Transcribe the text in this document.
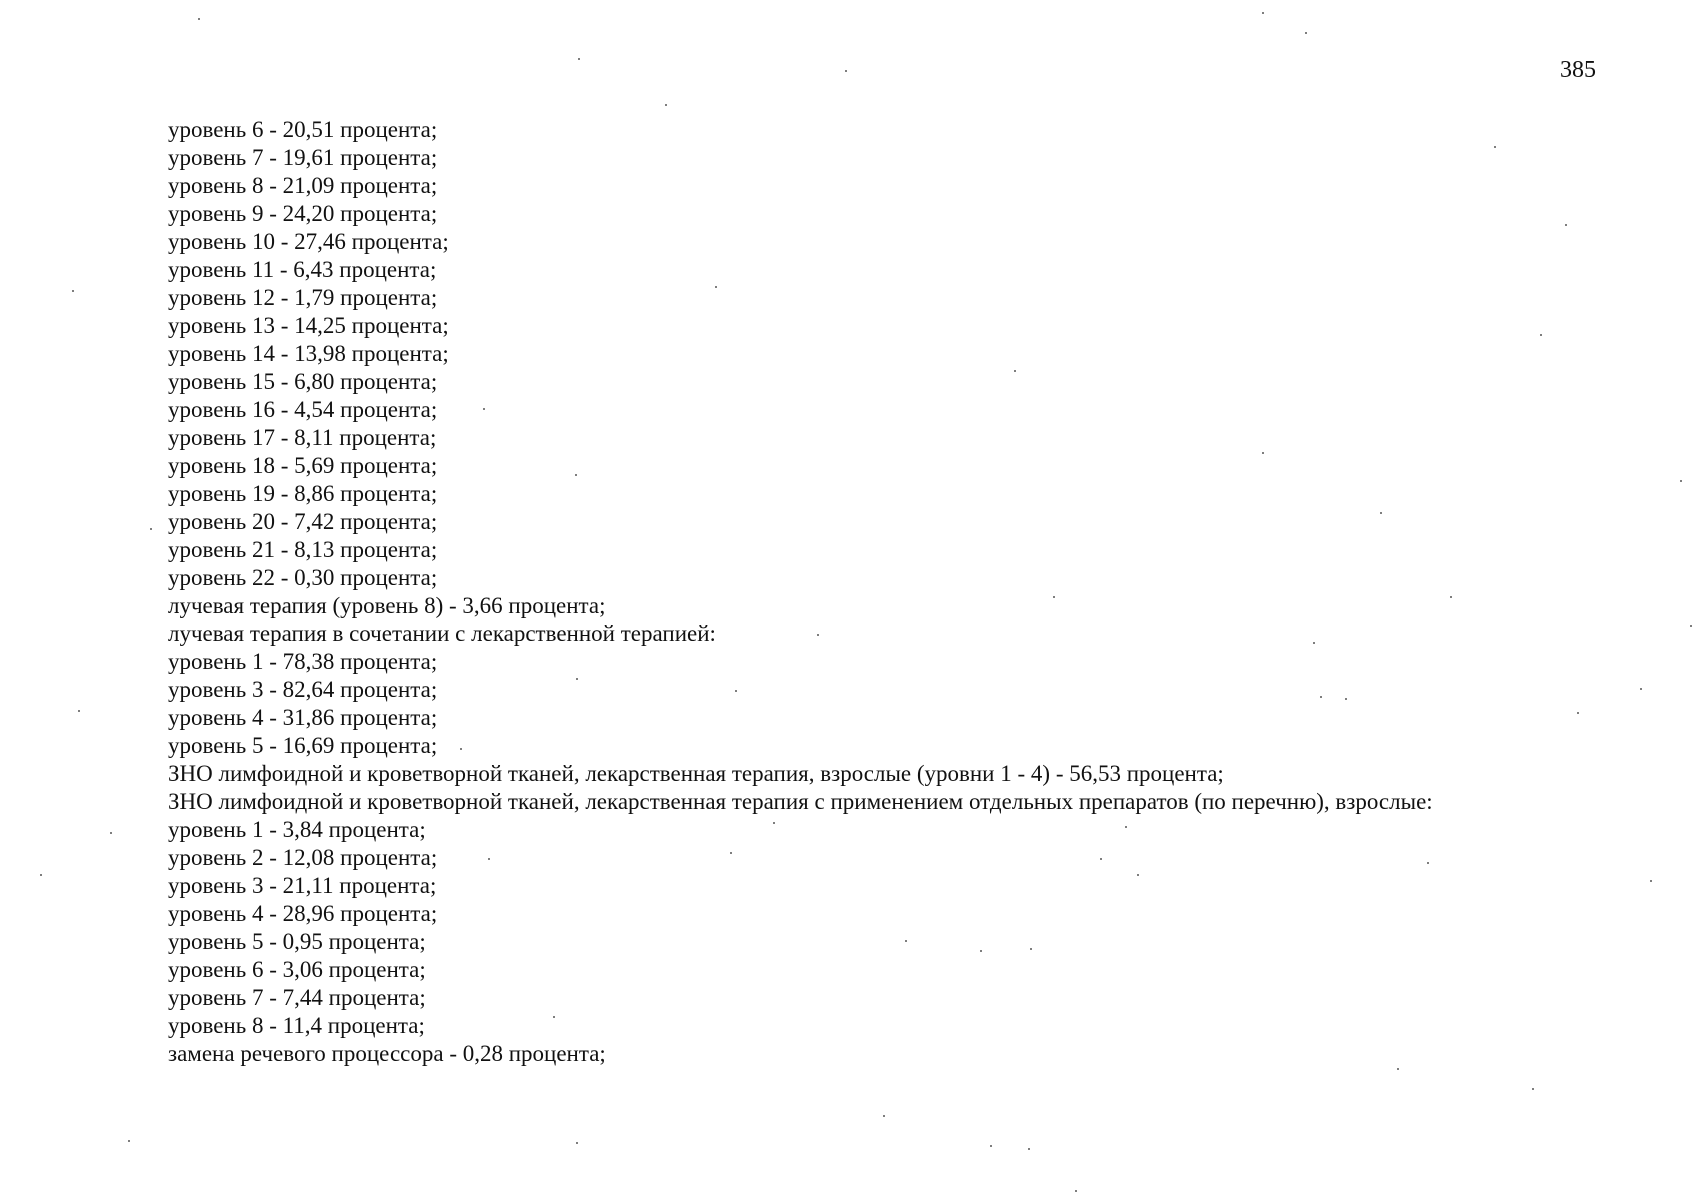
385
уровень 6 - 20,51 процента;
уровень 7 - 19,61 процента;
уровень 8 - 21,09 процента;
уровень 9 - 24,20 процента;
уровень 10 - 27,46 процента;
уровень 11 - 6,43 процента;
уровень 12 - 1,79 процента;
уровень 13 - 14,25 процента;
уровень 14 - 13,98 процента;
уровень 15 - 6,80 процента;
уровень 16 - 4,54 процента;
уровень 17 - 8,11 процента;
уровень 18 - 5,69 процента;
уровень 19 - 8,86 процента;
уровень 20 - 7,42 процента;
уровень 21 - 8,13 процента;
уровень 22 - 0,30 процента;
лучевая терапия (уровень 8) - 3,66 процента;
лучевая терапия в сочетании с лекарственной терапией:
уровень 1 - 78,38 процента;
уровень 3 - 82,64 процента;
уровень 4 - 31,86 процента;
уровень 5 - 16,69 процента;
ЗНО лимфоидной и кроветворной тканей, лекарственная терапия, взрослые (уровни 1 - 4) - 56,53 процента;
ЗНО лимфоидной и кроветворной тканей, лекарственная терапия с применением отдельных препаратов (по перечню), взрослые:
уровень 1 - 3,84 процента;
уровень 2 - 12,08 процента;
уровень 3 - 21,11 процента;
уровень 4 - 28,96 процента;
уровень 5 - 0,95 процента;
уровень 6 - 3,06 процента;
уровень 7 - 7,44 процента;
уровень 8 - 11,4 процента;
замена речевого процессора - 0,28 процента;
